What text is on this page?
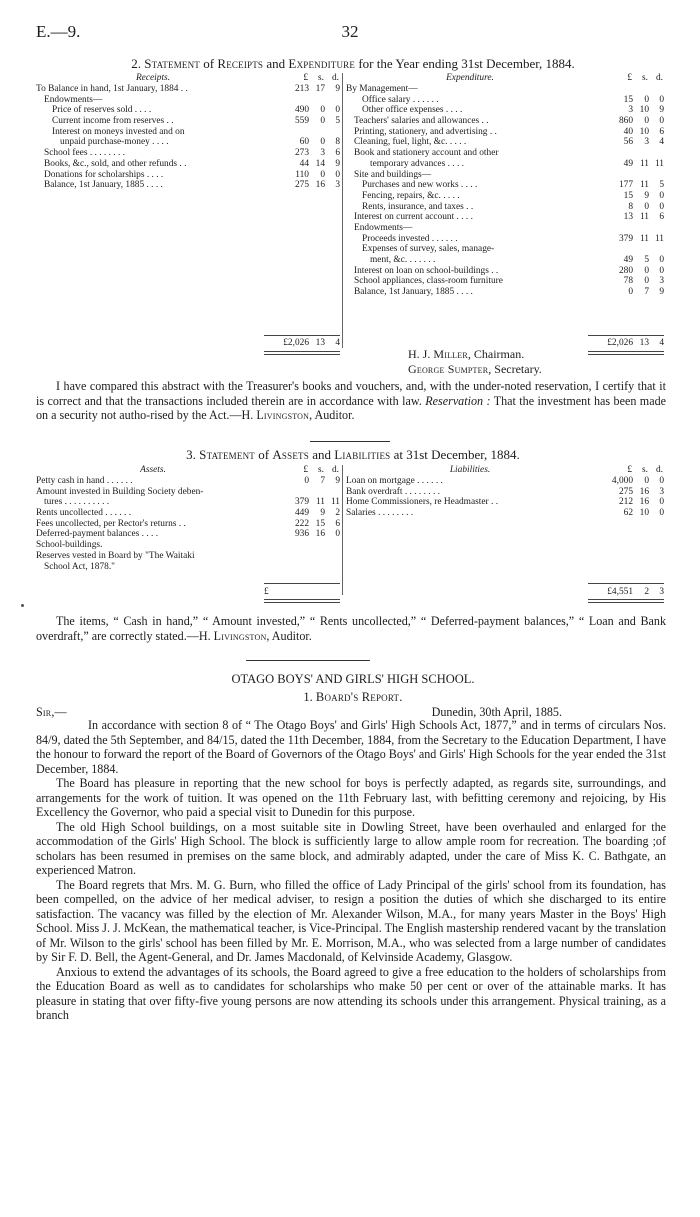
E.—9.	32
2. Statement of Receipts and Expenditure for the Year ending 31st December, 1884.
Receipts.	£ s. d.
To Balance in hand, 1st January, 1884 . .	213 17 9
Endowments—
Price of reserves sold . . . .	490 0 0
Current income from reserves . .	559 0 5
Interest on moneys invested and on
unpaid purchase-money . . . .	60 0 8
School fees . . . . . . . .	273 3 6
Books, &c., sold, and other refunds . .	44 14 9
Donations for scholarships . . . .	110 0 0
Balance, 1st January, 1885 . . . .	275 16 3
£2,026 13 4
Expenditure.	£ s. d.
By Management—
Office salary . . . . . .	15 0 0
Other office expenses . . . .	3 10 9
Teachers' salaries and allowances . .	860 0 0
Printing, stationery, and advertising . .	40 10 6
Cleaning, fuel, light, &c. . . . .	56 3 4
Book and stationery account and other
temporary advances . . . .	49 11 11
Site and buildings—
Purchases and new works . . . .	177 11 5
Fencing, repairs, &c. . . . .	15 9 0
Rents, insurance, and taxes . .	8 0 0
Interest on current account . . . .	13 11 6
Endowments—
Proceeds invested . . . . . .	379 11 11
Expenses of survey, sales, manage-
ment, &c. . . . . . .	49 5 0
Interest on loan on school-buildings . .	280 0 0
School appliances, class-room furniture	78 0 3
Balance, 1st January, 1885 . . . .	0 7 9
£2,026 13 4
H. J. Miller, Chairman.
George Sumpter, Secretary.

I have compared this abstract with the Treasurer's books and vouchers, and, with the under-noted reservation, I certify that it is correct and that the transactions included therein are in accordance with law. Reservation : That the investment has been made on a security not autho-rised by the Act.—H. Livingston, Auditor.

3. Statement of Assets and Liabilities at 31st December, 1884.
Assets.	£ s. d.
Petty cash in hand . . . . . .	0 7 9
Amount invested in Building Society deben-
tures . . . . . . . . . .	379 11 11
Rents uncollected . . . . . .	449 9 2
Fees uncollected, per Rector's returns . .	222 15 6
Deferred-payment balances . . . .	936 16 0
School-buildings.
Reserves vested in Board by "The Waitaki
School Act, 1878."
£
Liabilities.	£ s. d.
Loan on mortgage . . . . . .	4,000 0 0
Bank overdraft . . . . . . . .	275 16 3
Home Commissioners, re Headmaster . .	212 16 0
Salaries . . . . . . . .	62 10 0
£4,551 2 3

The items, “ Cash in hand,” “ Amount invested,” “ Rents uncollected,” “ Deferred-payment balances,” “ Loan and Bank overdraft,” are correctly stated.—H. Livingston, Auditor.

OTAGO BOYS' AND GIRLS' HIGH SCHOOL.
1. Board's Report.
Sir,—	Dunedin, 30th April, 1885.

In accordance with section 8 of “ The Otago Boys' and Girls' High Schools Act, 1877,” and in terms of circulars Nos. 84/9, dated the 5th September, and 84/15, dated the 11th December, 1884, from the Secretary to the Education Department, I have the honour to forward the report of the Board of Governors of the Otago Boys' and Girls' High Schools for the year ended the 31st December, 1884.

The Board has pleasure in reporting that the new school for boys is perfectly adapted, as regards site, surroundings, and arrangements for the work of tuition. It was opened on the 11th February last, with befitting ceremony and rejoicing, by His Excellency the Governor, who paid a special visit to Dunedin for this purpose.

The old High School buildings, on a most suitable site in Dowling Street, have been overhauled and enlarged for the accommodation of the Girls' High School. The block is sufficiently large to allow ample room for recreation. The boarding ;of scholars has been resumed in premises on the same block, and admirably adapted, under the care of Miss K. C. Bathgate, an experienced Matron.

The Board regrets that Mrs. M. G. Burn, who filled the office of Lady Principal of the girls' school from its foundation, has been compelled, on the advice of her medical adviser, to resign a position the duties of which she discharged to its entire satisfaction. The vacancy was filled by the election of Mr. Alexander Wilson, M.A., for many years Master in the Boys' High School. Miss J. J. McKean, the mathematical teacher, is Vice-Principal. The English mastership rendered vacant by the translation of Mr. Wilson to the girls' school has been filled by Mr. E. Morrison, M.A., who was selected from a large number of candidates by Sir F. D. Bell, the Agent-General, and Dr. James Macdonald, of Kelvinside Academy, Glasgow.

Anxious to extend the advantages of its schools, the Board agreed to give a free education to the holders of scholarships from the Education Board as well as to candidates for scholarships who make 50 per cent or over of the attainable marks. It has pleasure in stating that over fifty-five young persons are now attending its schools under this arrangement. Physical training, as a branch
